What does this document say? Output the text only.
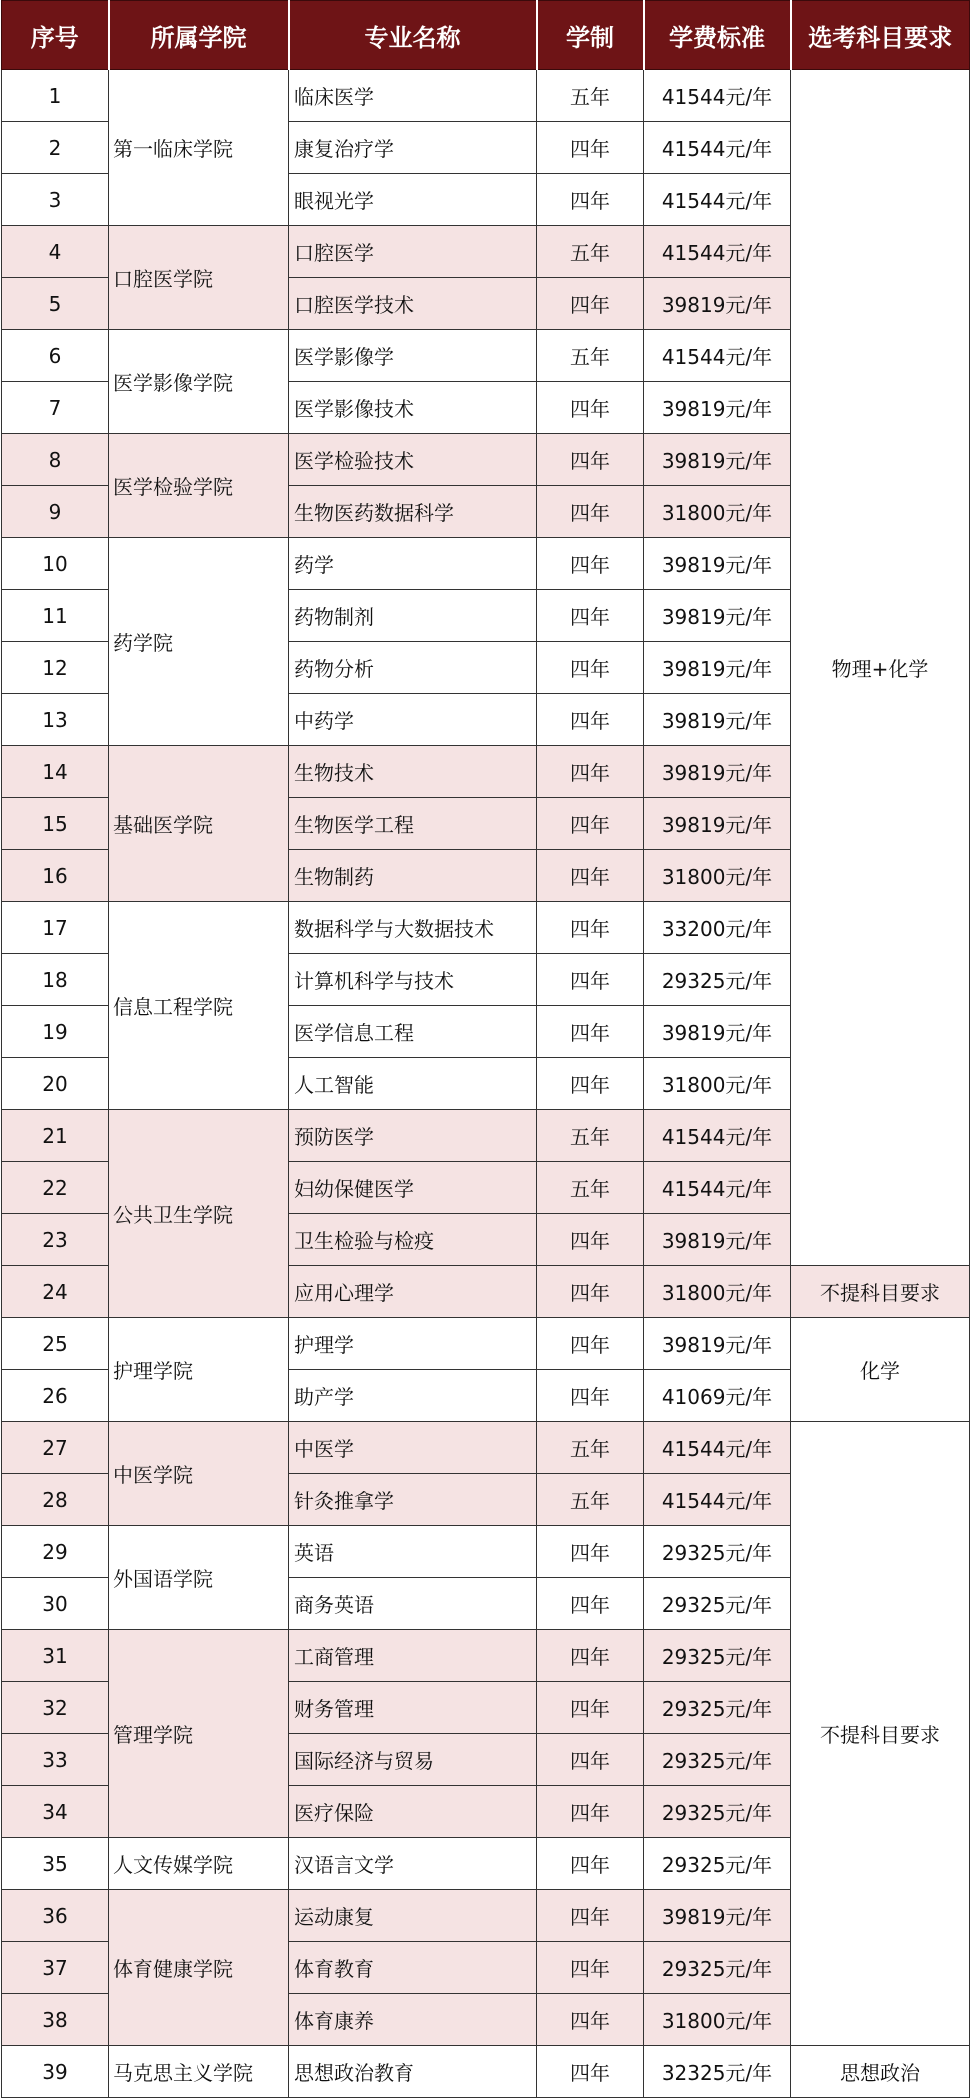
序号	所属学院	专业名称	学制	学费标准	选考科目要求
1	第一临床学院	临床医学	五年	41544元/年	物理+化学
2		康复治疗学	四年	41544元/年	
3		眼视光学	四年	41544元/年	
4	口腔医学院	口腔医学	五年	41544元/年	
5		口腔医学技术	四年	39819元/年	
6	医学影像学院	医学影像学	五年	41544元/年	
7		医学影像技术	四年	39819元/年	
8	医学检验学院	医学检验技术	四年	39819元/年	
9		生物医药数据科学	四年	31800元/年	
10	药学院	药学	四年	39819元/年	
11		药物制剂	四年	39819元/年	
12		药物分析	四年	39819元/年	
13		中药学	四年	39819元/年	
14	基础医学院	生物技术	四年	39819元/年	
15		生物医学工程	四年	39819元/年	
16		生物制药	四年	31800元/年	
17	信息工程学院	数据科学与大数据技术	四年	33200元/年	
18		计算机科学与技术	四年	29325元/年	
19		医学信息工程	四年	39819元/年	
20		人工智能	四年	31800元/年	
21	公共卫生学院	预防医学	五年	41544元/年	
22		妇幼保健医学	五年	41544元/年	
23		卫生检验与检疫	四年	39819元/年	
24		应用心理学	四年	31800元/年	不提科目要求
25	护理学院	护理学	四年	39819元/年	化学
26		助产学	四年	41069元/年	
27	中医学院	中医学	五年	41544元/年	不提科目要求
28		针灸推拿学	五年	41544元/年	
29	外国语学院	英语	四年	29325元/年	
30		商务英语	四年	29325元/年	
31	管理学院	工商管理	四年	29325元/年	
32		财务管理	四年	29325元/年	
33		国际经济与贸易	四年	29325元/年	
34		医疗保险	四年	29325元/年	
35	人文传媒学院	汉语言文学	四年	29325元/年	
36	体育健康学院	运动康复	四年	39819元/年	
37		体育教育	四年	29325元/年	
38		体育康养	四年	31800元/年	
39	马克思主义学院	思想政治教育	四年	32325元/年	思想政治
